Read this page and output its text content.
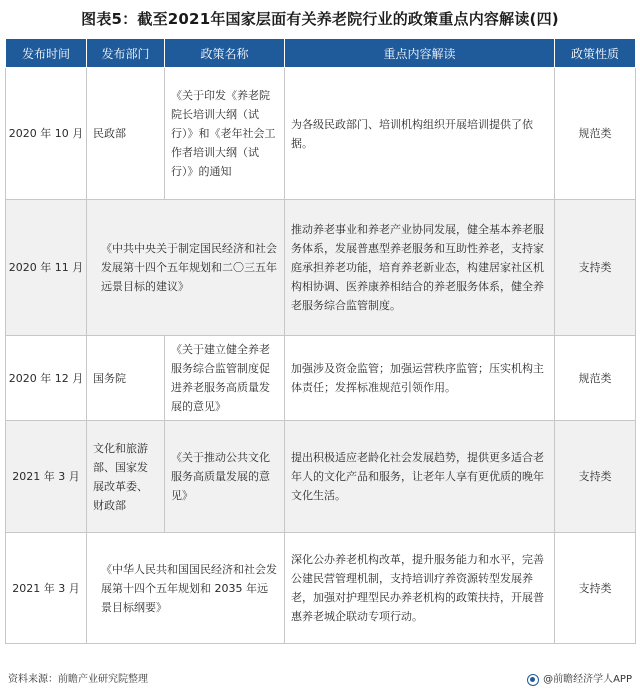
图表5：截至2021年国家层面有关养老院行业的政策重点内容解读(四)
发布时间	发布部门	政策名称	重点内容解读	政策性质
2020 年 10 月	民政部	《关于印发《养老院院长培训大纲（试行）》和《老年社会工作者培训大纲（试行）》的通知	为各级民政部门、培训机构组织开展培训提供了依据。	规范类
2020 年 11 月	《中共中央关于制定国民经济和社会发展第十四个五年规划和二〇三五年远景目标的建议》		推动养老事业和养老产业协同发展，健全基本养老服务体系，发展普惠型养老服务和互助性养老，支持家庭承担养老功能，培育养老新业态，构建居家社区机构相协调、医养康养相结合的养老服务体系，健全养老服务综合监管制度。	支持类
2020 年 12 月	国务院	《关于建立健全养老服务综合监管制度促进养老服务高质量发展的意见》	加强涉及资金监管；加强运营秩序监管；压实机构主体责任；发挥标准规范引领作用。	规范类
2021 年 3 月	文化和旅游部、国家发展改革委、财政部	《关于推动公共文化服务高质量发展的意见》	提出积极适应老龄化社会发展趋势，提供更多适合老年人的文化产品和服务，让老年人享有更优质的晚年文化生活。	支持类
2021 年 3 月	《中华人民共和国国民经济和社会发展第十四个五年规划和 2035 年远景目标纲要》		深化公办养老机构改革，提升服务能力和水平，完善公建民营管理机制，支持培训疗养资源转型发展养老，加强对护理型民办养老机构的政策扶持，开展普惠养老城企联动专项行动。	支持类
资料来源：前瞻产业研究院整理	@前瞻经济学人APP
